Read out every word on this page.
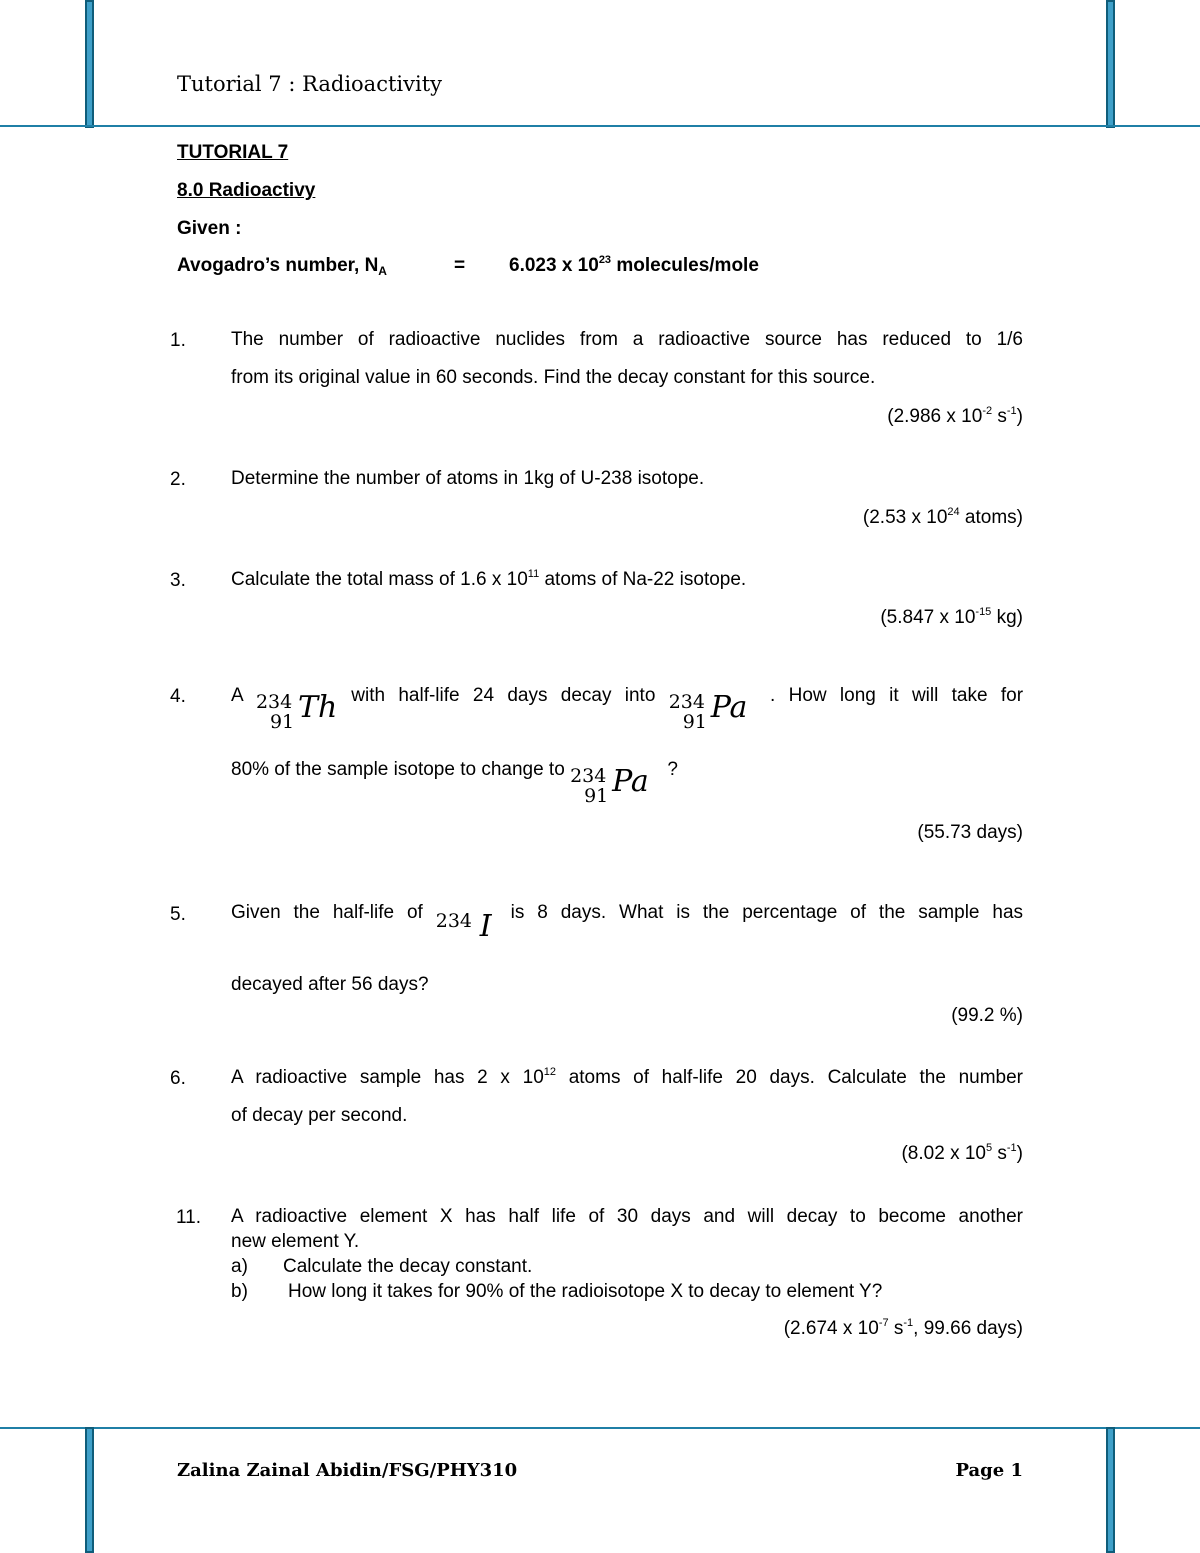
Tutorial 7 : Radioactivity
TUTORIAL 7
8.0 Radioactivy
Given :
Avogadro’s number, $N_A$	= 6.023 x $10^{23}$ molecules/mole
1.	The number of radioactive nuclides from a radioactive source has reduced to 1/6
from its original value in 60 seconds. Find the decay constant for this source.
(2.986 x $10^{-2}$ $s^{-1}$)
2.	Determine the number of atoms in 1kg of U-238 isotope.
(2.53 x $10^{24}$ atoms)
3.	Calculate the total mass of 1.6 x $10^{11}$ atoms of Na-22 isotope.
(5.847 x $10^{-15}$ kg)
4.	A 234
91 Th with half-life 24 days decay into 234
91 Pa . How long it will take for
80% of the sample isotope to change to 234
91 Pa ?
(55.73 days)
5.	Given the half-life of 234 I is 8 days. What is the percentage of the sample has
decayed after 56 days?
(99.2 %)
6.	A radioactive sample has 2 x $10^{12}$ atoms of half-life 20 days. Calculate the number
of decay per second.
(8.02 x $10^5$ $s^{-1}$)
11.	A radioactive element X has half life of 30 days and will decay to become another
new element Y.
a) Calculate the decay constant.
b) How long it takes for 90% of the radioisotope X to decay to element Y?
(2.674 x $10^{-7}$ $s^{-1}$, 99.66 days)
Zalina Zainal Abidin/FSG/PHY310	Page 1
